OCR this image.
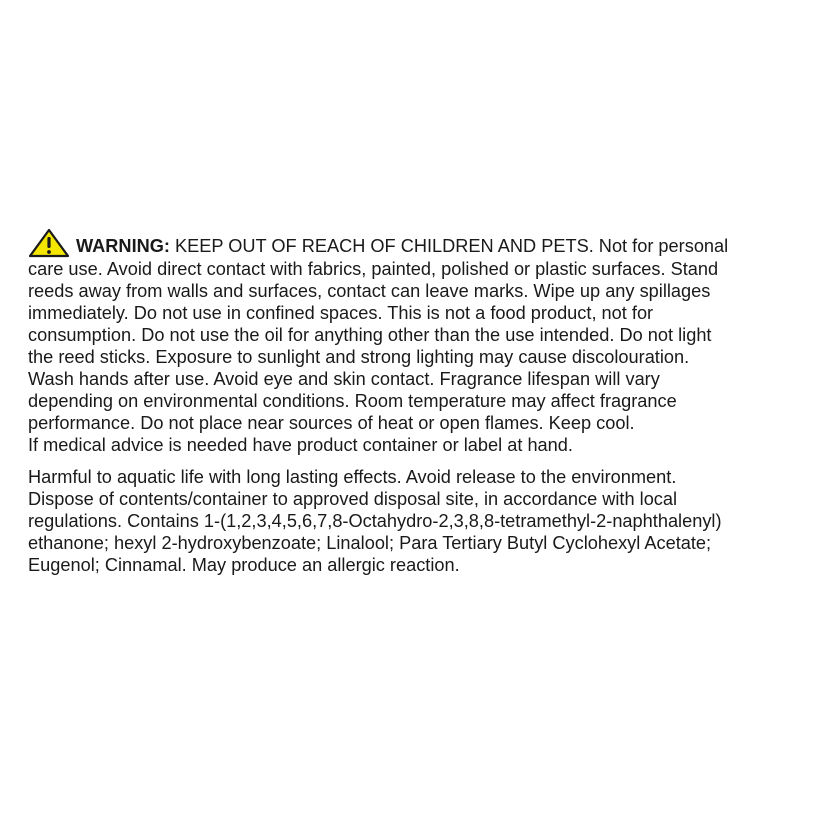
WARNING: KEEP OUT OF REACH OF CHILDREN AND PETS. Not for personal
care use. Avoid direct contact with fabrics, painted, polished or plastic surfaces. Stand
reeds away from walls and surfaces, contact can leave marks. Wipe up any spillages
immediately. Do not use in confined spaces. This is not a food product, not for
consumption. Do not use the oil for anything other than the use intended. Do not light
the reed sticks. Exposure to sunlight and strong lighting may cause discolouration.
Wash hands after use. Avoid eye and skin contact. Fragrance lifespan will vary
depending on environmental conditions. Room temperature may affect fragrance
performance. Do not place near sources of heat or open flames. Keep cool.
If medical advice is needed have product container or label at hand.

Harmful to aquatic life with long lasting effects. Avoid release to the environment.
Dispose of contents/container to approved disposal site, in accordance with local
regulations. Contains 1-(1,2,3,4,5,6,7,8-Octahydro-2,3,8,8-tetramethyl-2-naphthalenyl)
ethanone; hexyl 2-hydroxybenzoate; Linalool; Para Tertiary Butyl Cyclohexyl Acetate;
Eugenol; Cinnamal. May produce an allergic reaction.
